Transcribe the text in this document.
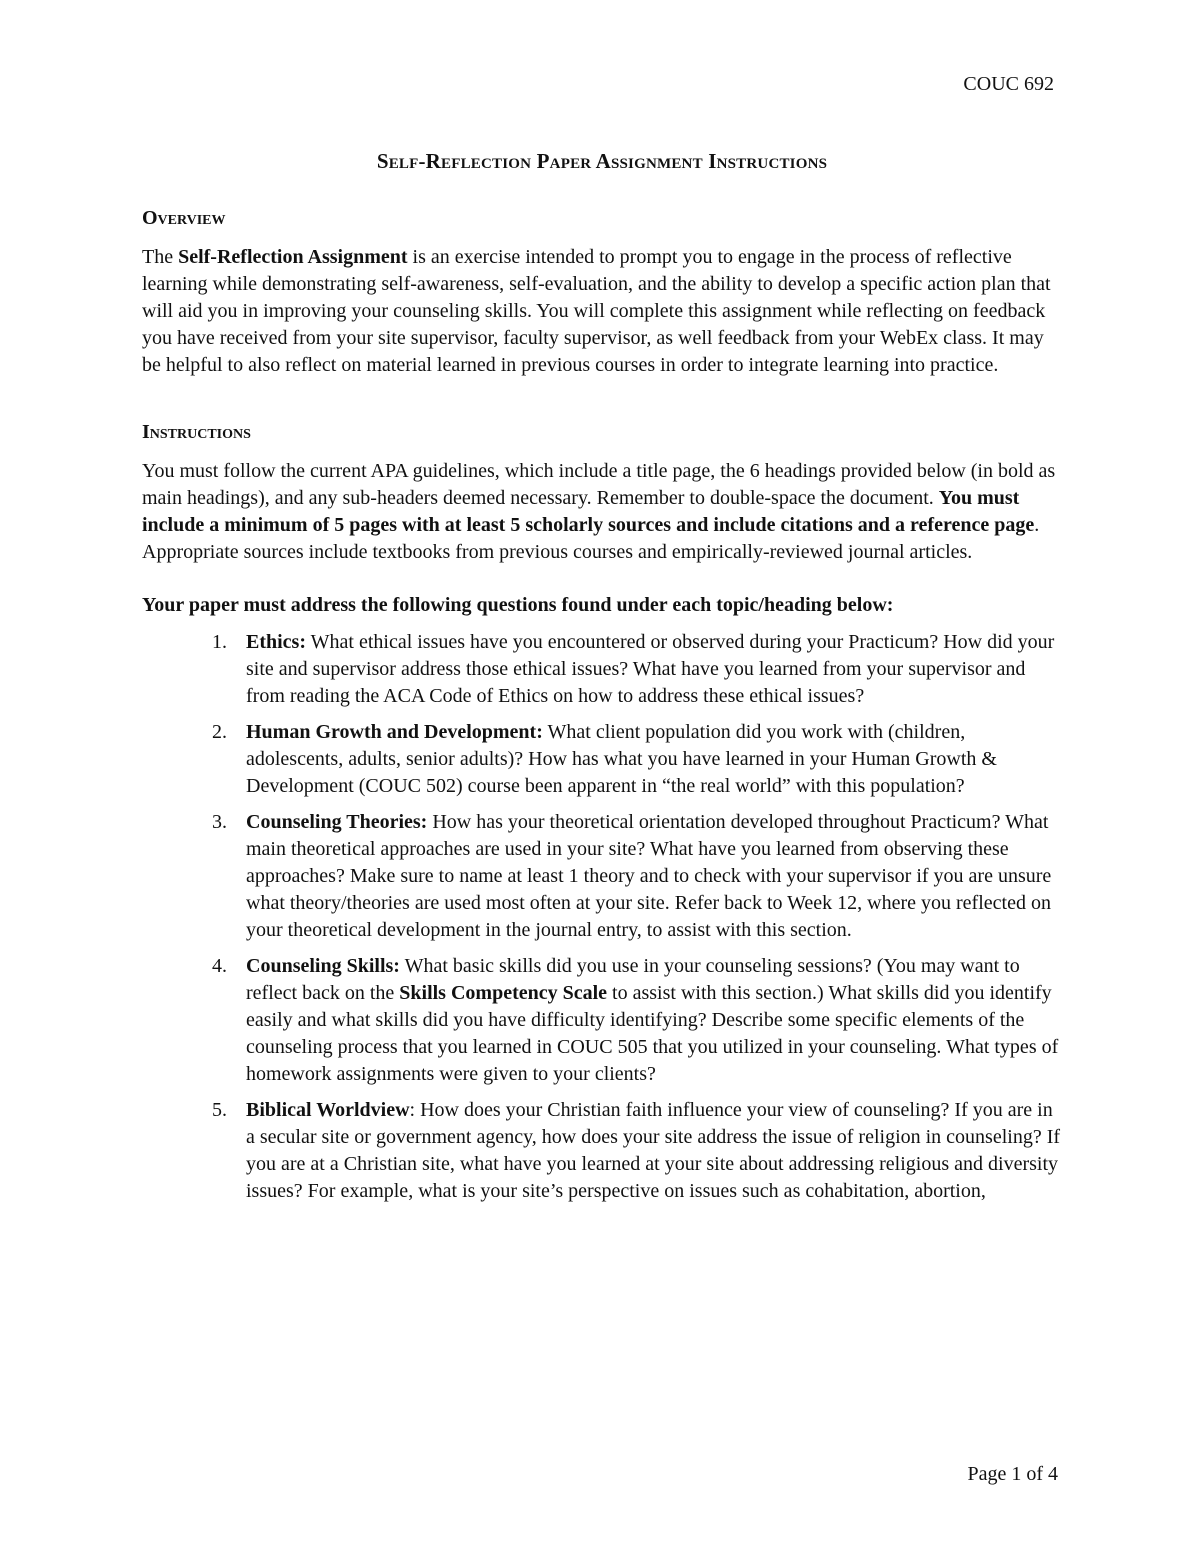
COUC 692
Self-Reflection Paper Assignment Instructions
Overview

The Self-Reflection Assignment is an exercise intended to prompt you to engage in the process of reflective learning while demonstrating self-awareness, self-evaluation, and the ability to develop a specific action plan that will aid you in improving your counseling skills. You will complete this assignment while reflecting on feedback you have received from your site supervisor, faculty supervisor, as well feedback from your WebEx class. It may be helpful to also reflect on material learned in previous courses in order to integrate learning into practice.

Instructions

You must follow the current APA guidelines, which include a title page, the 6 headings provided below (in bold as main headings), and any sub-headers deemed necessary. Remember to double-space the document. You must include a minimum of 5 pages with at least 5 scholarly sources and include citations and a reference page. Appropriate sources include textbooks from previous courses and empirically-reviewed journal articles.

Your paper must address the following questions found under each topic/heading below:

1. Ethics: What ethical issues have you encountered or observed during your Practicum? How did your site and supervisor address those ethical issues? What have you learned from your supervisor and from reading the ACA Code of Ethics on how to address these ethical issues?
2. Human Growth and Development: What client population did you work with (children, adolescents, adults, senior adults)? How has what you have learned in your Human Growth & Development (COUC 502) course been apparent in “the real world” with this population?
3. Counseling Theories: How has your theoretical orientation developed throughout Practicum? What main theoretical approaches are used in your site? What have you learned from observing these approaches? Make sure to name at least 1 theory and to check with your supervisor if you are unsure what theory/theories are used most often at your site. Refer back to Week 12, where you reflected on your theoretical development in the journal entry, to assist with this section.
4. Counseling Skills: What basic skills did you use in your counseling sessions? (You may want to reflect back on the Skills Competency Scale to assist with this section.) What skills did you identify easily and what skills did you have difficulty identifying? Describe some specific elements of the counseling process that you learned in COUC 505 that you utilized in your counseling. What types of homework assignments were given to your clients?
5. Biblical Worldview: How does your Christian faith influence your view of counseling? If you are in a secular site or government agency, how does your site address the issue of religion in counseling? If you are at a Christian site, what have you learned at your site about addressing religious and diversity issues? For example, what is your site’s perspective on issues such as cohabitation, abortion,
Page 1 of 4
